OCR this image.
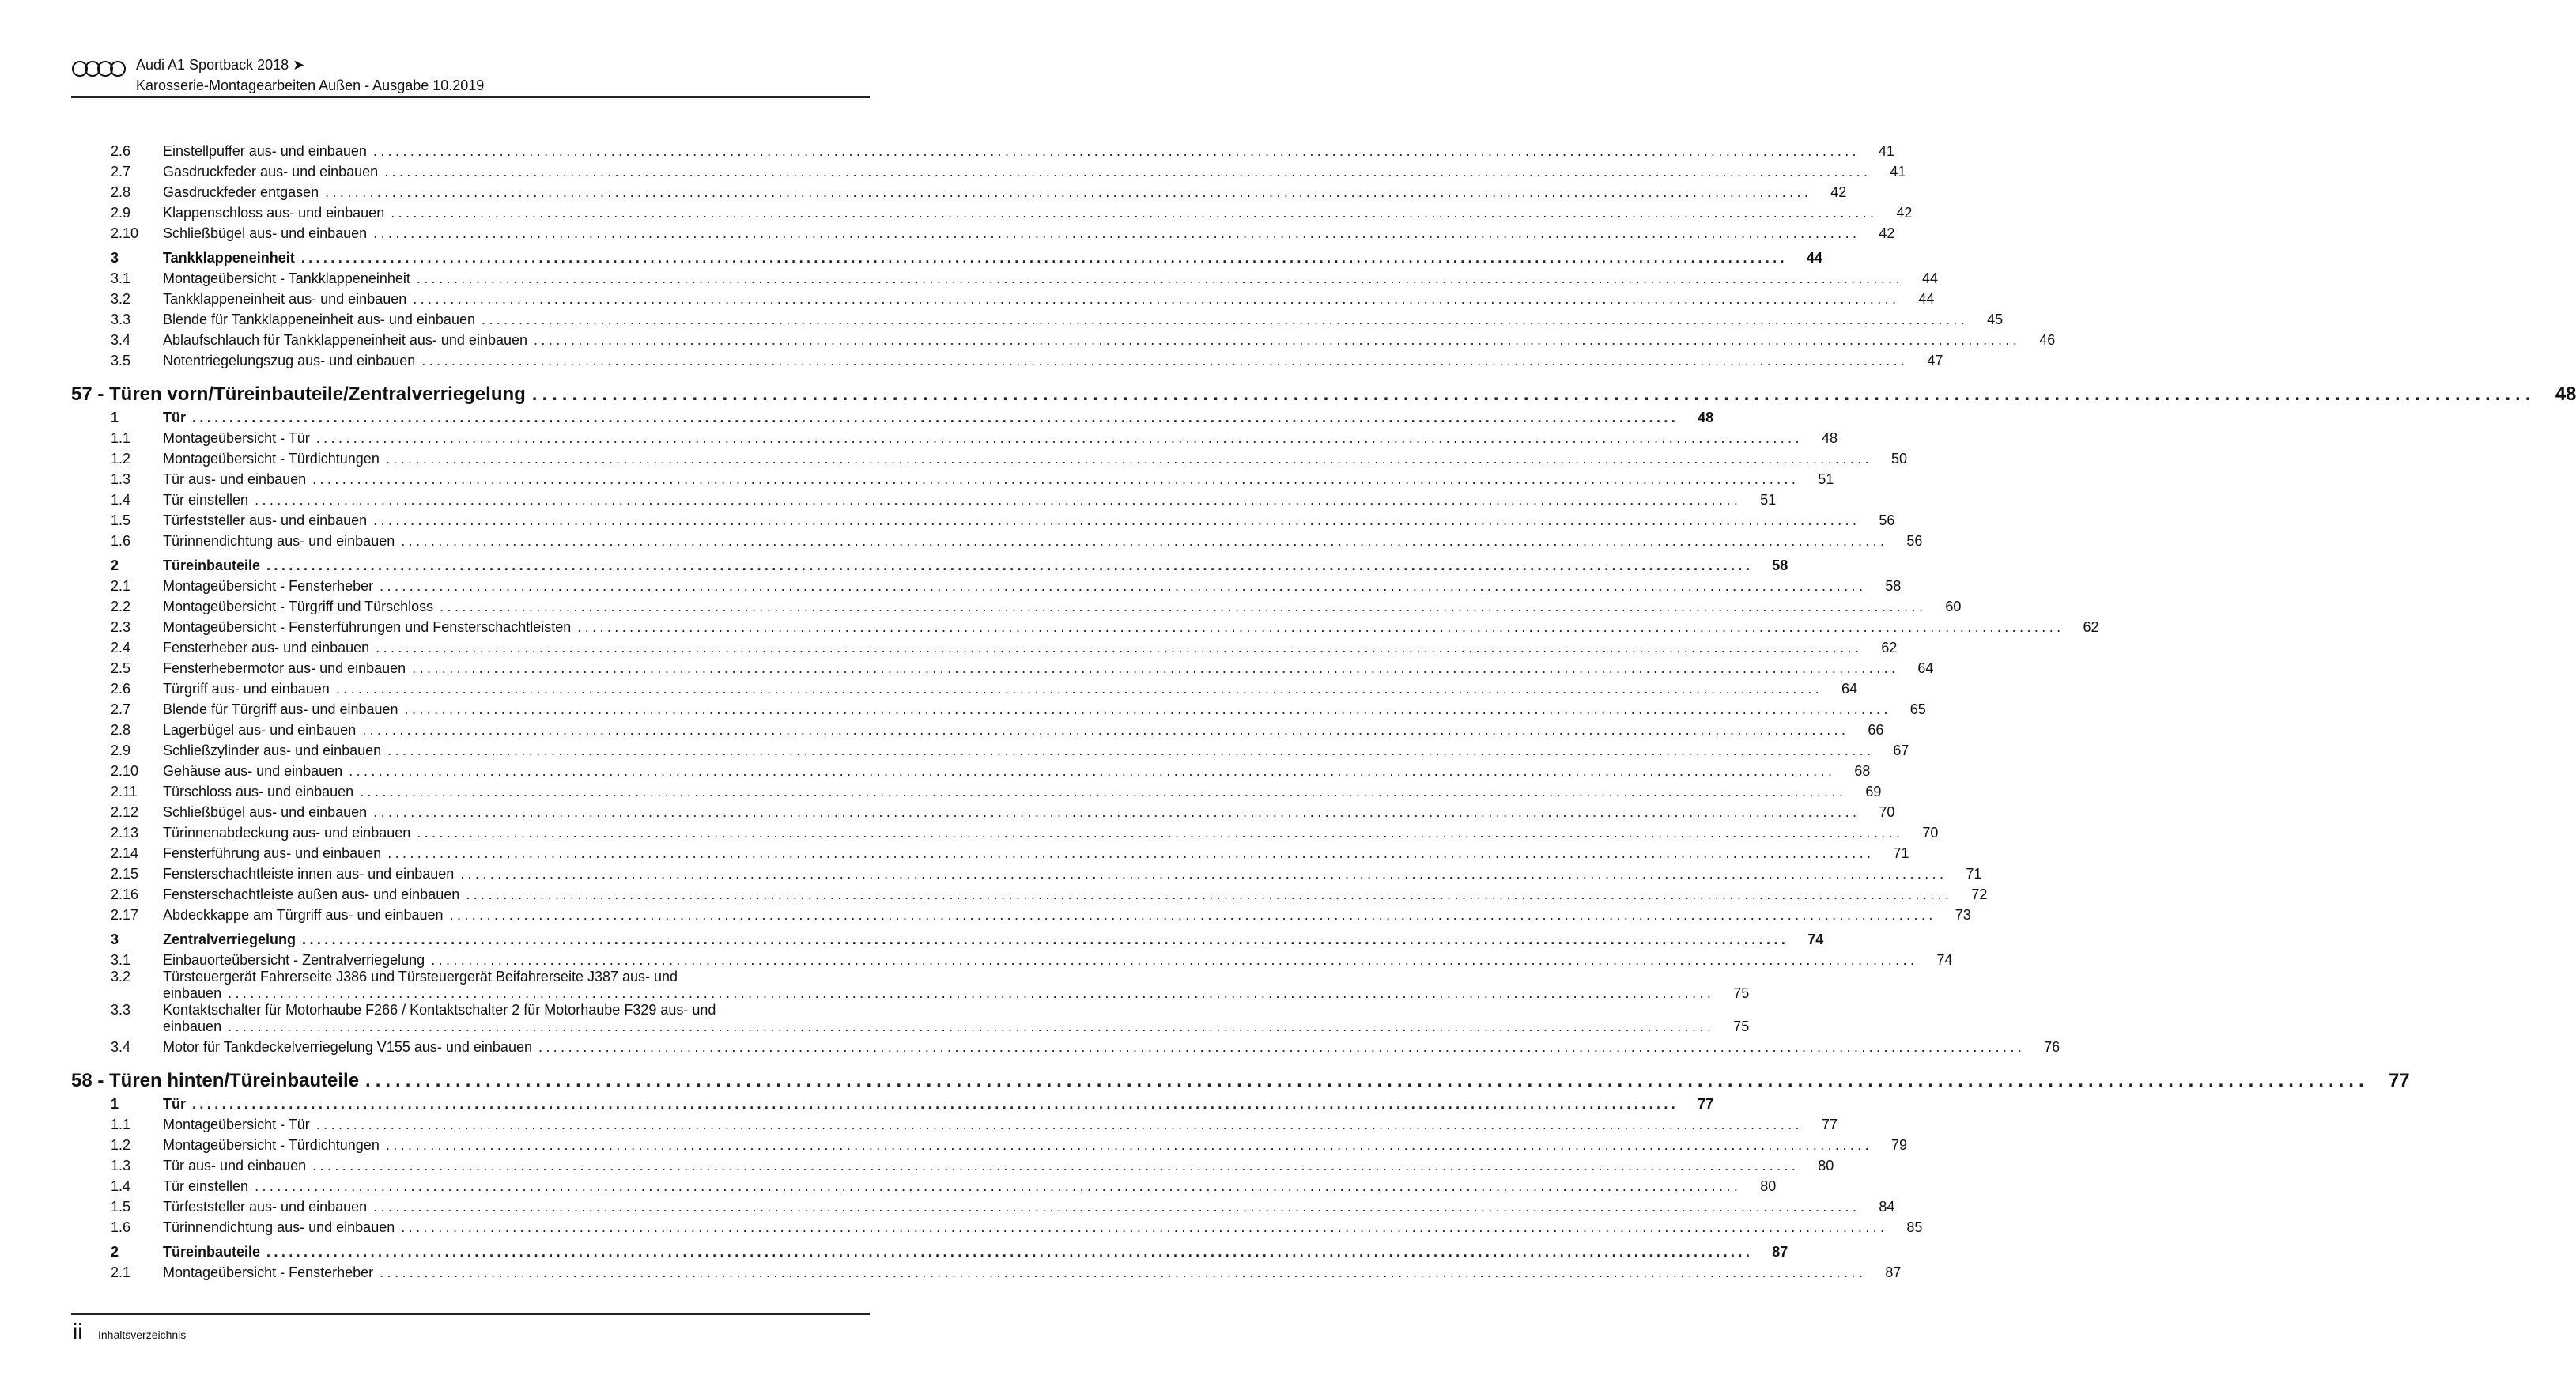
Audi A1 Sportback 2018 ➤
Karosserie-Montagearbeiten Außen - Ausgabe 10.2019
2.6	Einstellpuffer aus- und einbauen ........................................................................................................................................................................................................	41
2.7	Gasdruckfeder aus- und einbauen ........................................................................................................................................................................................................	41
2.8	Gasdruckfeder entgasen ........................................................................................................................................................................................................	42
2.9	Klappenschloss aus- und einbauen ........................................................................................................................................................................................................	42
2.10	Schließbügel aus- und einbauen ........................................................................................................................................................................................................	42
3	Tankklappeneinheit ........................................................................................................................................................................................................	44
3.1	Montageübersicht - Tankklappeneinheit ........................................................................................................................................................................................................	44
3.2	Tankklappeneinheit aus- und einbauen ........................................................................................................................................................................................................	44
3.3	Blende für Tankklappeneinheit aus- und einbauen ........................................................................................................................................................................................................	45
3.4	Ablaufschlauch für Tankklappeneinheit aus- und einbauen ........................................................................................................................................................................................................	46
3.5	Notentriegelungszug aus- und einbauen ........................................................................................................................................................................................................	47
57 - Türen vorn/Türeinbauteile/Zentralverriegelung ........................................................................................................................................................................................................	48
1	Tür ........................................................................................................................................................................................................	48
1.1	Montageübersicht - Tür ........................................................................................................................................................................................................	48
1.2	Montageübersicht - Türdichtungen ........................................................................................................................................................................................................	50
1.3	Tür aus- und einbauen ........................................................................................................................................................................................................	51
1.4	Tür einstellen ........................................................................................................................................................................................................	51
1.5	Türfeststeller aus- und einbauen ........................................................................................................................................................................................................	56
1.6	Türinnendichtung aus- und einbauen ........................................................................................................................................................................................................	56
2	Türeinbauteile ........................................................................................................................................................................................................	58
2.1	Montageübersicht - Fensterheber ........................................................................................................................................................................................................	58
2.2	Montageübersicht - Türgriff und Türschloss ........................................................................................................................................................................................................	60
2.3	Montageübersicht - Fensterführungen und Fensterschachtleisten ........................................................................................................................................................................................................	62
2.4	Fensterheber aus- und einbauen ........................................................................................................................................................................................................	62
2.5	Fensterhebermotor aus- und einbauen ........................................................................................................................................................................................................	64
2.6	Türgriff aus- und einbauen ........................................................................................................................................................................................................	64
2.7	Blende für Türgriff aus- und einbauen ........................................................................................................................................................................................................	65
2.8	Lagerbügel aus- und einbauen ........................................................................................................................................................................................................	66
2.9	Schließzylinder aus- und einbauen ........................................................................................................................................................................................................	67
2.10	Gehäuse aus- und einbauen ........................................................................................................................................................................................................	68
2.11	Türschloss aus- und einbauen ........................................................................................................................................................................................................	69
2.12	Schließbügel aus- und einbauen ........................................................................................................................................................................................................	70
2.13	Türinnenabdeckung aus- und einbauen ........................................................................................................................................................................................................	70
2.14	Fensterführung aus- und einbauen ........................................................................................................................................................................................................	71
2.15	Fensterschachtleiste innen aus- und einbauen ........................................................................................................................................................................................................	71
2.16	Fensterschachtleiste außen aus- und einbauen ........................................................................................................................................................................................................	72
2.17	Abdeckkappe am Türgriff aus- und einbauen ........................................................................................................................................................................................................	73
3	Zentralverriegelung ........................................................................................................................................................................................................	74
3.1	Einbauorteübersicht - Zentralverriegelung ........................................................................................................................................................................................................	74
3.2	Türsteuergerät Fahrerseite J386 und Türsteuergerät Beifahrerseite J387 aus- und
einbauen ........................................................................................................................................................................................................	75
3.3	Kontaktschalter für Motorhaube F266 / Kontaktschalter 2 für Motorhaube F329 aus- und
einbauen ........................................................................................................................................................................................................	75
3.4	Motor für Tankdeckelverriegelung V155 aus- und einbauen ........................................................................................................................................................................................................	76
58 - Türen hinten/Türeinbauteile ........................................................................................................................................................................................................	77
1	Tür ........................................................................................................................................................................................................	77
1.1	Montageübersicht - Tür ........................................................................................................................................................................................................	77
1.2	Montageübersicht - Türdichtungen ........................................................................................................................................................................................................	79
1.3	Tür aus- und einbauen ........................................................................................................................................................................................................	80
1.4	Tür einstellen ........................................................................................................................................................................................................	80
1.5	Türfeststeller aus- und einbauen ........................................................................................................................................................................................................	84
1.6	Türinnendichtung aus- und einbauen ........................................................................................................................................................................................................	85
2	Türeinbauteile ........................................................................................................................................................................................................	87
2.1	Montageübersicht - Fensterheber ........................................................................................................................................................................................................	87
ii Inhaltsverzeichnis
